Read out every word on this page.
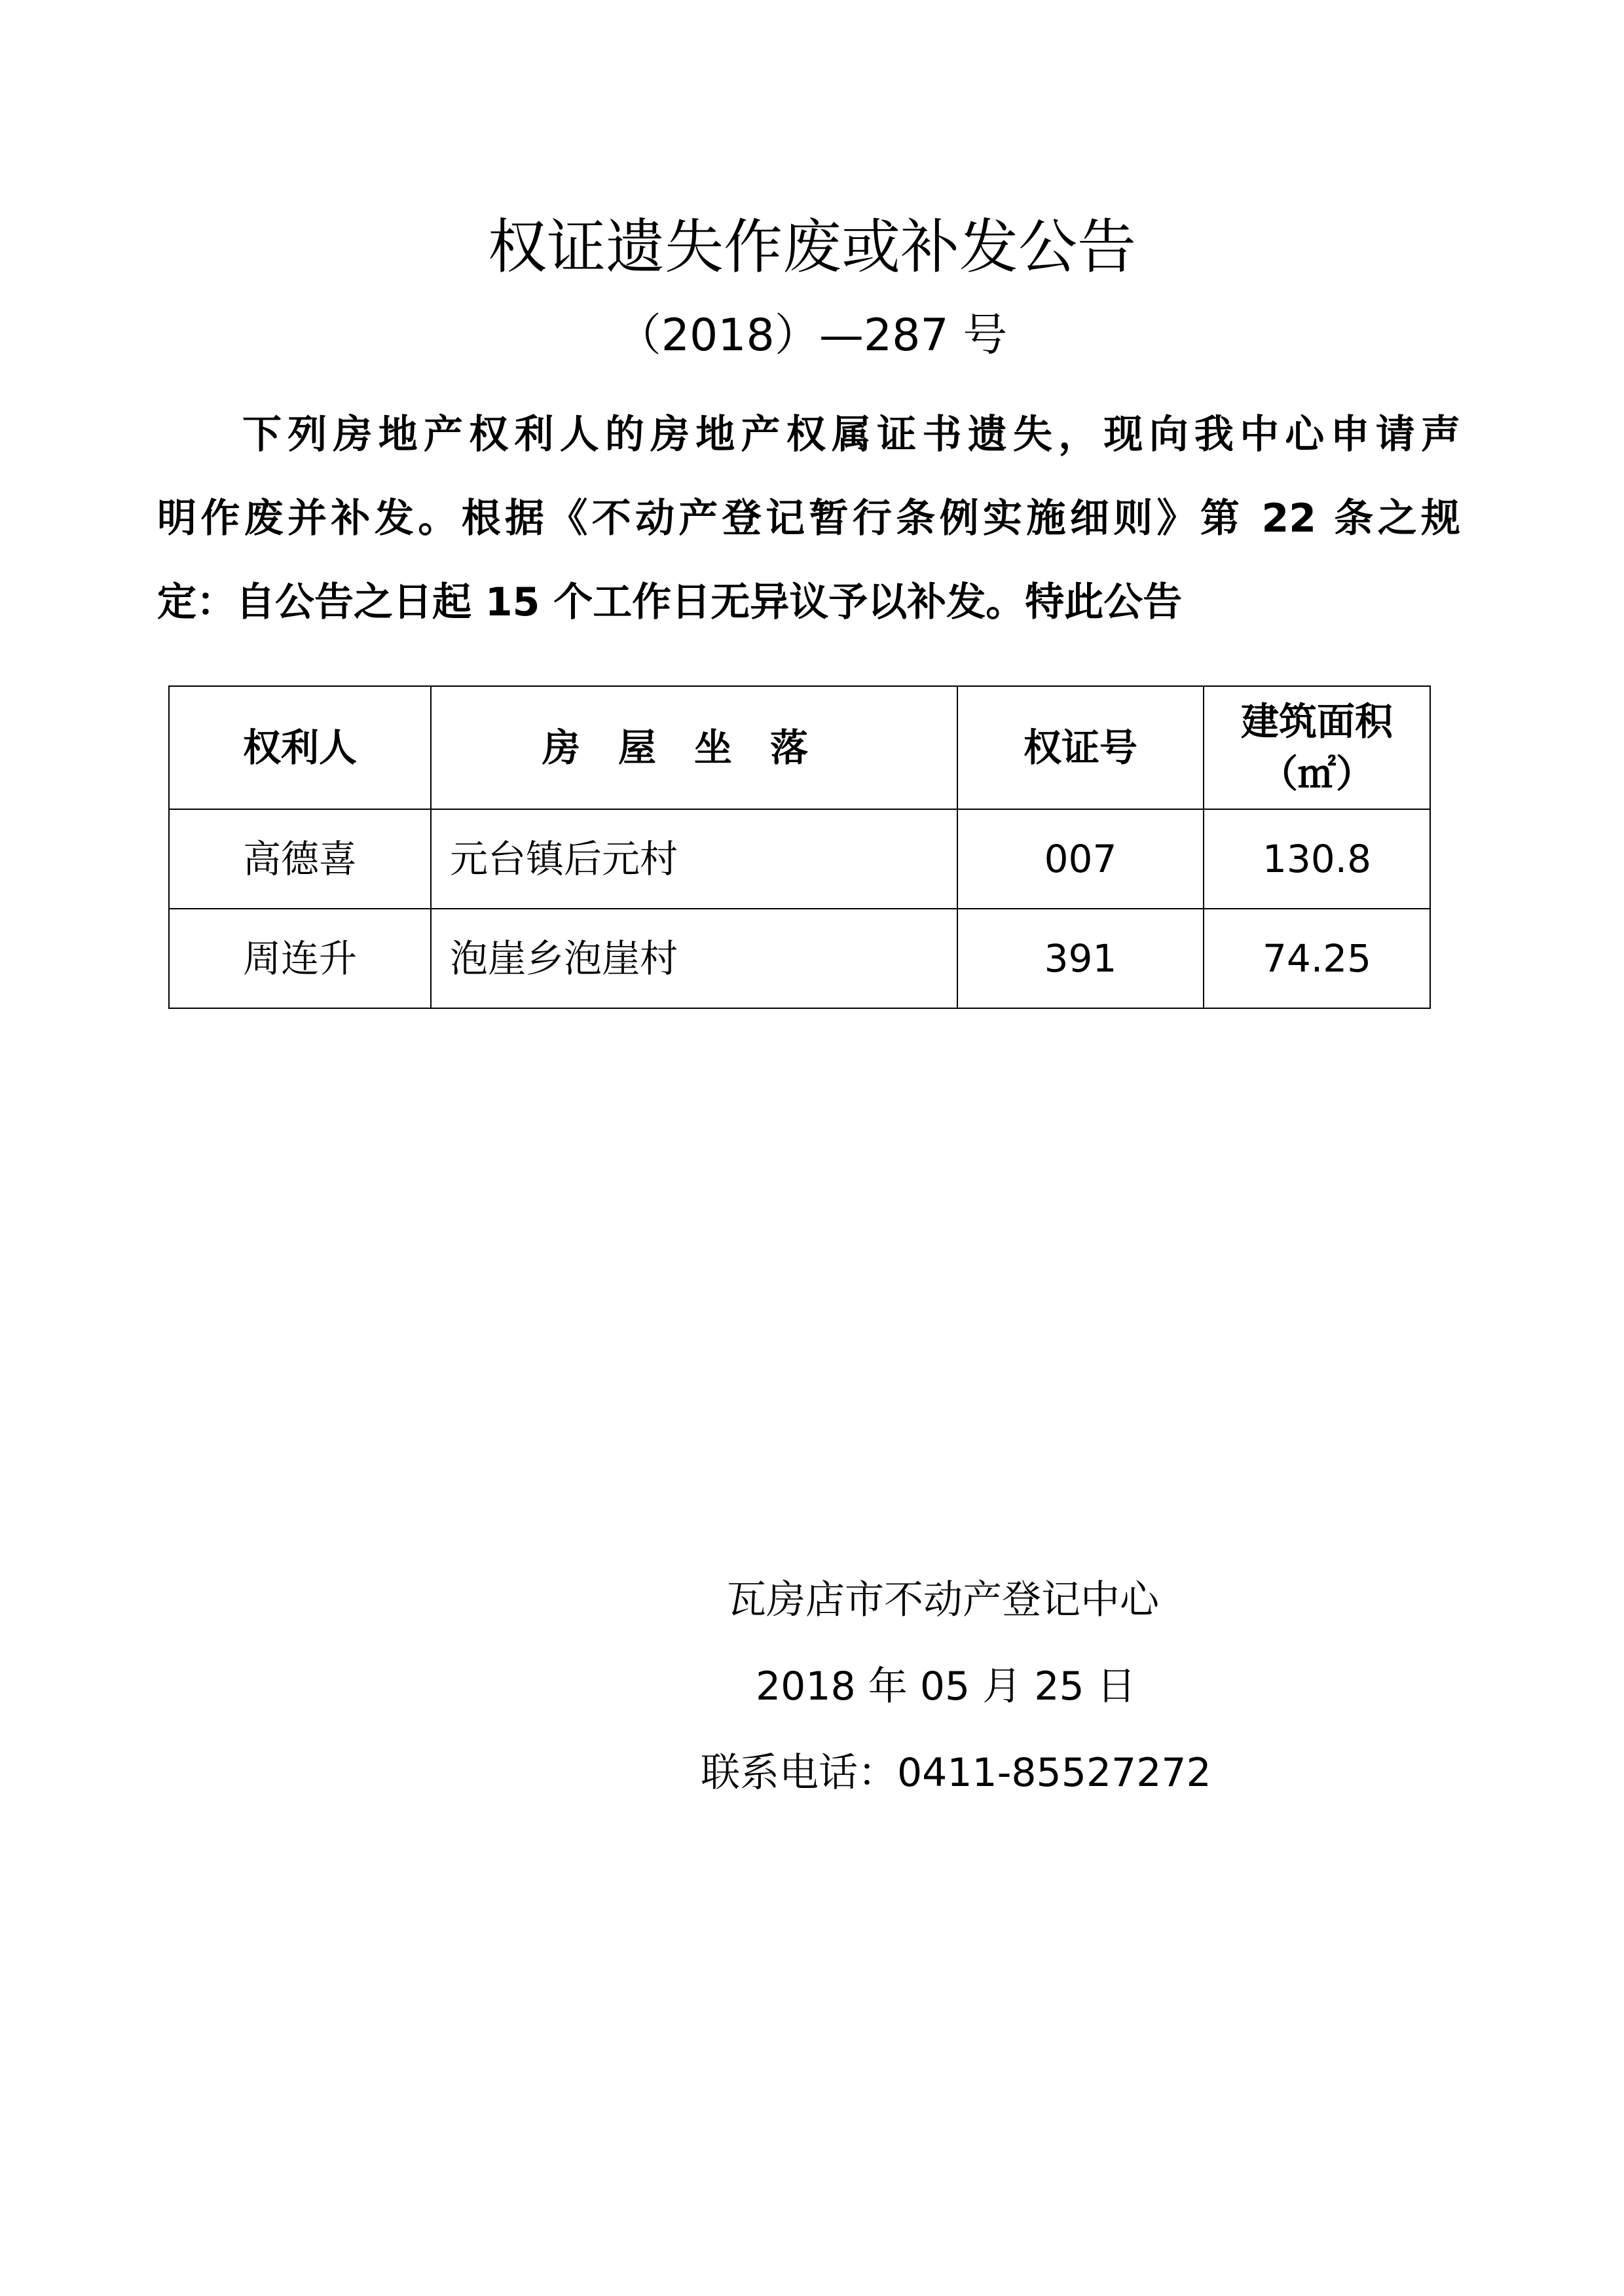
权证遗失作废或补发公告
（2018）—287 号
下列房地产权利人的房地产权属证书遗失，现向我中心申请声
明作废并补发。根据《不动产登记暂行条例实施细则》第 22 条之规
定：自公告之日起 15 个工作日无异议予以补发。特此公告
权利人	房屋坐落	权证号	建筑面积
（㎡）

高德喜	元台镇后元村	007	130.8
周连升	泡崖乡泡崖村	391	74.25
瓦房店市不动产登记中心
2018 年 05 月 25 日
联系电话：0411-85527272
